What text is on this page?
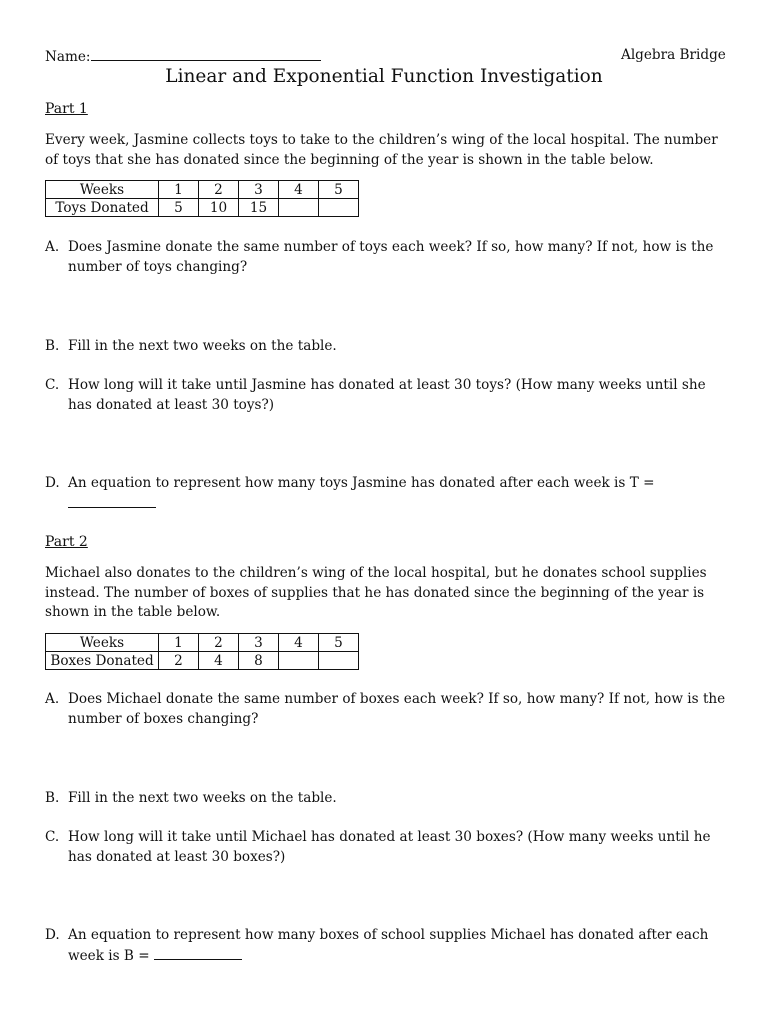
Name:	Algebra Bridge
Linear and Exponential Function Investigation
Part 1
Every week, Jasmine collects toys to take to the children’s wing of the local hospital. The number of toys that she has donated since the beginning of the year is shown in the table below.
Weeks	1	2	3	4	5
Toys Donated	5	10	15		
A. Does Jasmine donate the same number of toys each week? If so, how many? If not, how is the number of toys changing?
B. Fill in the next two weeks on the table.
C. How long will it take until Jasmine has donated at least 30 toys? (How many weeks until she has donated at least 30 toys?)
D. An equation to represent how many toys Jasmine has donated after each week is T =
Part 2
Michael also donates to the children’s wing of the local hospital, but he donates school supplies instead. The number of boxes of supplies that he has donated since the beginning of the year is shown in the table below.
Weeks	1	2	3	4	5
Boxes Donated	2	4	8		
A. Does Michael donate the same number of boxes each week? If so, how many? If not, how is the number of boxes changing?
B. Fill in the next two weeks on the table.
C. How long will it take until Michael has donated at least 30 boxes? (How many weeks until he has donated at least 30 boxes?)
D. An equation to represent how many boxes of school supplies Michael has donated after each week is B =
